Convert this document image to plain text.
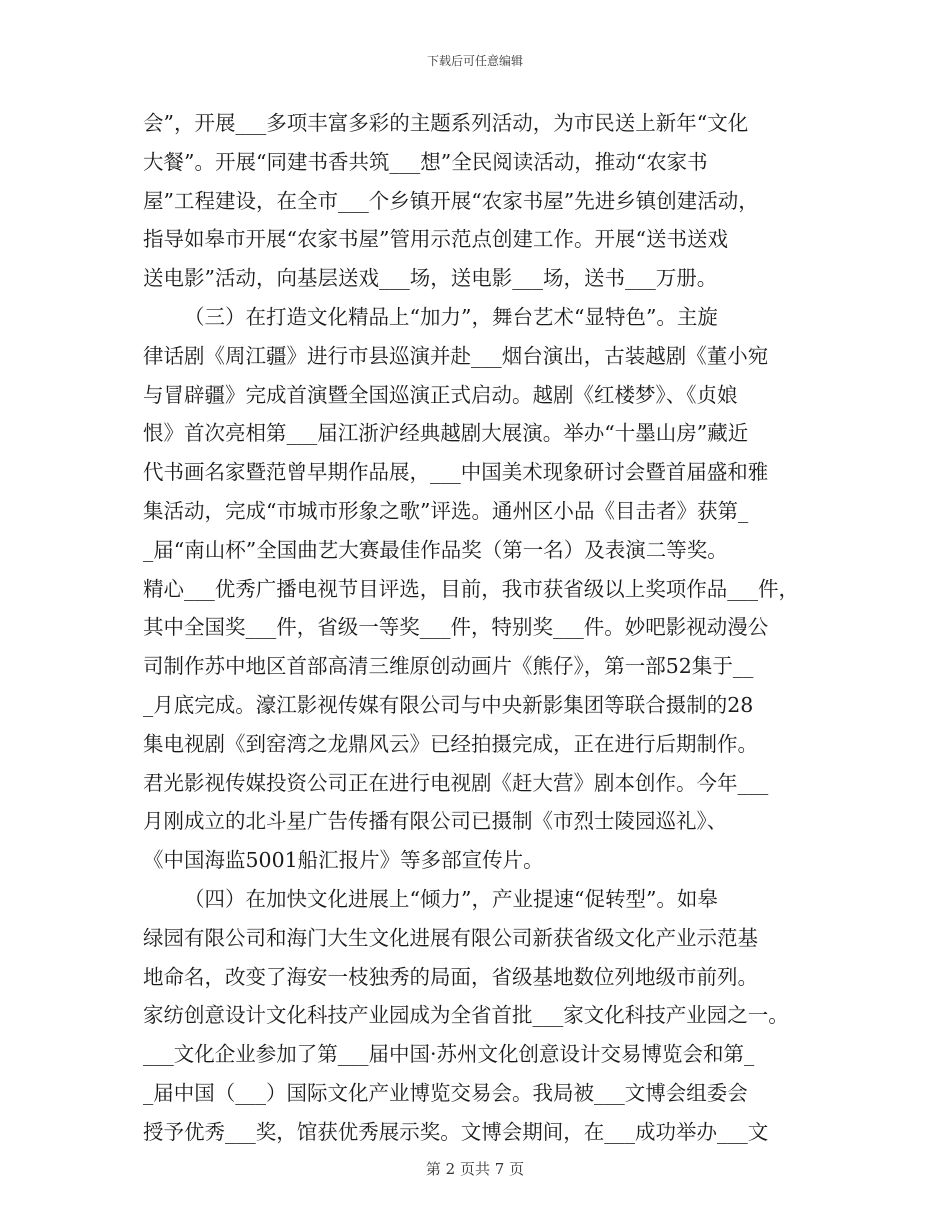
下载后可任意编辑
会”，开展___多项丰富多彩的主题系列活动，为市民送上新年“文化
大餐”。开展“同建书香共筑___想”全民阅读活动，推动“农家书
屋”工程建设，在全市___个乡镇开展“农家书屋”先进乡镇创建活动，
指导如皋市开展“农家书屋”管用示范点创建工作。开展“送书送戏
送电影”活动，向基层送戏___场，送电影___场，送书___万册。
（三）在打造文化精品上“加力”，舞台艺术“显特色”。主旋
律话剧《周江疆》进行市县巡演并赴___烟台演出，古装越剧《董小宛
与冒辟疆》完成首演暨全国巡演正式启动。越剧《红楼梦》、《贞娘
恨》首次亮相第___届江浙沪经典越剧大展演。举办“十墨山房”藏近
代书画名家暨范曾早期作品展，___中国美术现象研讨会暨首届盛和雅
集活动，完成“市城市形象之歌”评选。通州区小品《目击者》获第_
_届“南山杯”全国曲艺大赛最佳作品奖（第一名）及表演二等奖。
精心___优秀广播电视节目评选，目前，我市获省级以上奖项作品___件，
其中全国奖___件，省级一等奖___件，特别奖___件。妙吧影视动漫公
司制作苏中地区首部高清三维原创动画片《熊仔》，第一部52集于__
_月底完成。濠江影视传媒有限公司与中央新影集团等联合摄制的28
集电视剧《到窑湾之龙鼎风云》已经拍摄完成，正在进行后期制作。
君光影视传媒投资公司正在进行电视剧《赶大营》剧本创作。今年___
月刚成立的北斗星广告传播有限公司已摄制《市烈士陵园巡礼》、
《中国海监5001船汇报片》等多部宣传片。
（四）在加快文化进展上“倾力”，产业提速“促转型”。如皋
绿园有限公司和海门大生文化进展有限公司新获省级文化产业示范基
地命名，改变了海安一枝独秀的局面，省级基地数位列地级市前列。
家纺创意设计文化科技产业园成为全省首批___家文化科技产业园之一。
___文化企业参加了第___届中国·苏州文化创意设计交易博览会和第_
_届中国（___）国际文化产业博览交易会。我局被___文博会组委会
授予优秀___奖，馆获优秀展示奖。文博会期间，在___成功举办___文
第 2 页共 7 页
